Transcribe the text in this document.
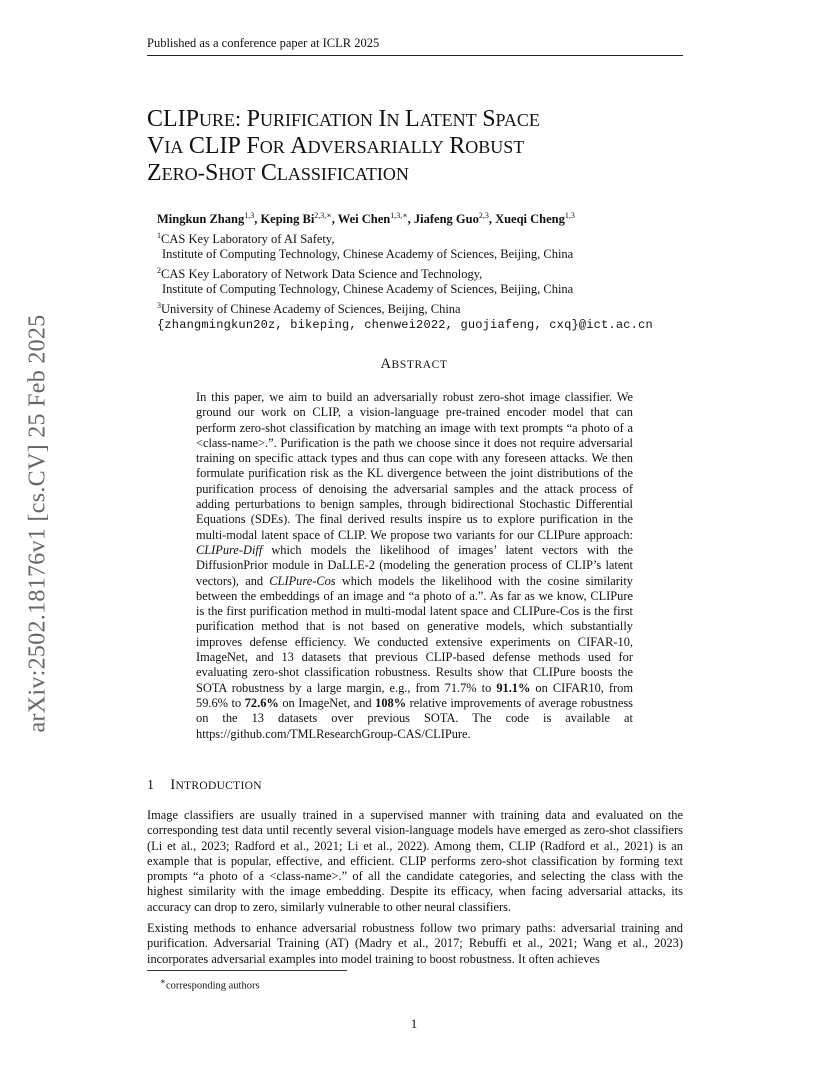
Published as a conference paper at ICLR 2025
arXiv:2502.18176v1 [cs.CV] 25 Feb 2025
CLIPURE: PURIFICATION IN LATENT SPACE
VIA CLIP FOR ADVERSARIALLY ROBUST
ZERO-SHOT CLASSIFICATION
Mingkun Zhang$^{1,3}$, Keping $Bi^{2,3,∗}$, Wei Chen$^{1,3,∗}$, Jiafeng Guo$^{2,3}$, Xueqi Cheng$^{1,3}$
$^1$CAS Key Laboratory of AI Safety,
Institute of Computing Technology, Chinese Academy of Sciences, Beijing, China
$^2$CAS Key Laboratory of Network Data Science and Technology,
Institute of Computing Technology, Chinese Academy of Sciences, Beijing, China
$^3$University of Chinese Academy of Sciences, Beijing, China
{zhangmingkun20z, bikeping, chenwei2022, guojiafeng, cxq}@ict.ac.cn
ABSTRACT
In this paper, we aim to build an adversarially robust zero-shot image classifier. We ground our work on CLIP, a vision-language pre-trained encoder model that can perform zero-shot classification by matching an image with text prompts “a photo of a <class-name>.”. Purification is the path we choose since it does not require adversarial training on specific attack types and thus can cope with any foreseen attacks. We then formulate purification risk as the KL divergence between the joint distributions of the purification process of denoising the adversarial samples and the attack process of adding perturbations to benign samples, through bidirectional Stochastic Differential Equations (SDEs). The final derived results inspire us to explore purification in the multi-modal latent space of CLIP. We propose two variants for our CLIPure approach: CLIPure-Diff which models the likelihood of images’ latent vectors with the DiffusionPrior module in DaLLE-2 (modeling the generation process of CLIP’s latent vectors), and CLIPure-Cos which models the likelihood with the cosine similarity between the embeddings of an image and “a photo of a.”. As far as we know, CLIPure is the first purification method in multi-modal latent space and CLIPure-Cos is the first purification method that is not based on generative models, which substantially improves defense efficiency. We conducted extensive experiments on CIFAR-10, ImageNet, and 13 datasets that previous CLIP-based defense methods used for evaluating zero-shot classification robustness. Results show that CLIPure boosts the SOTA robustness by a large margin, e.g., from 71.7% to 91.1% on CIFAR10, from 59.6% to 72.6% on ImageNet, and 108% relative improvements of average robustness on the 13 datasets over previous SOTA. The code is available at https://github.com/TMLResearchGroup-CAS/CLIPure.
1 INTRODUCTION

Image classifiers are usually trained in a supervised manner with training data and evaluated on the corresponding test data until recently several vision-language models have emerged as zero-shot classifiers (Li et al., 2023; Radford et al., 2021; Li et al., 2022). Among them, CLIP (Radford et al., 2021) is an example that is popular, effective, and efficient. CLIP performs zero-shot classification by forming text prompts “a photo of a <class-name>.” of all the candidate categories, and selecting the class with the highest similarity with the image embedding. Despite its efficacy, when facing adversarial attacks, its accuracy can drop to zero, similarly vulnerable to other neural classifiers.

Existing methods to enhance adversarial robustness follow two primary paths: adversarial training and purification. Adversarial Training (AT) (Madry et al., 2017; Rebuffi et al., 2021; Wang et al., 2023) incorporates adversarial examples into model training to boost robustness. It often achieves

∗corresponding authors
1
